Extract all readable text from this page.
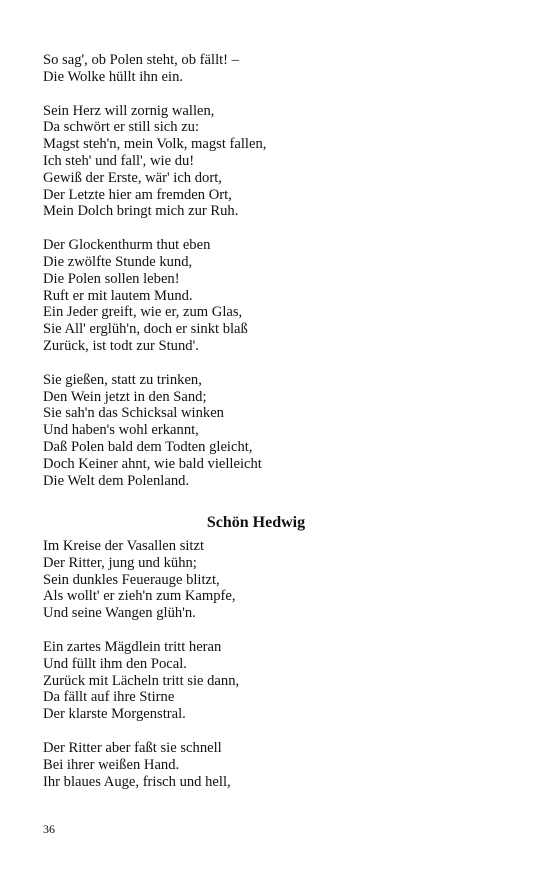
So sag', ob Polen steht, ob fällt! –
Die Wolke hüllt ihn ein.
Sein Herz will zornig wallen,
Da schwört er still sich zu:
Magst steh'n, mein Volk, magst fallen,
Ich steh' und fall', wie du!
Gewiß der Erste, wär' ich dort,
Der Letzte hier am fremden Ort,
Mein Dolch bringt mich zur Ruh.
Der Glockenthurm thut eben
Die zwölfte Stunde kund,
Die Polen sollen leben!
Ruft er mit lautem Mund.
Ein Jeder greift, wie er, zum Glas,
Sie All' erglüh'n, doch er sinkt blaß
Zurück, ist todt zur Stund'.
Sie gießen, statt zu trinken,
Den Wein jetzt in den Sand;
Sie sah'n das Schicksal winken
Und haben's wohl erkannt,
Daß Polen bald dem Todten gleicht,
Doch Keiner ahnt, wie bald vielleicht
Die Welt dem Polenland.
Schön Hedwig
Im Kreise der Vasallen sitzt
Der Ritter, jung und kühn;
Sein dunkles Feuerauge blitzt,
Als wollt' er zieh'n zum Kampfe,
Und seine Wangen glüh'n.
Ein zartes Mägdlein tritt heran
Und füllt ihm den Pocal.
Zurück mit Lächeln tritt sie dann,
Da fällt auf ihre Stirne
Der klarste Morgenstral.
Der Ritter aber faßt sie schnell
Bei ihrer weißen Hand.
Ihr blaues Auge, frisch und hell,
36
